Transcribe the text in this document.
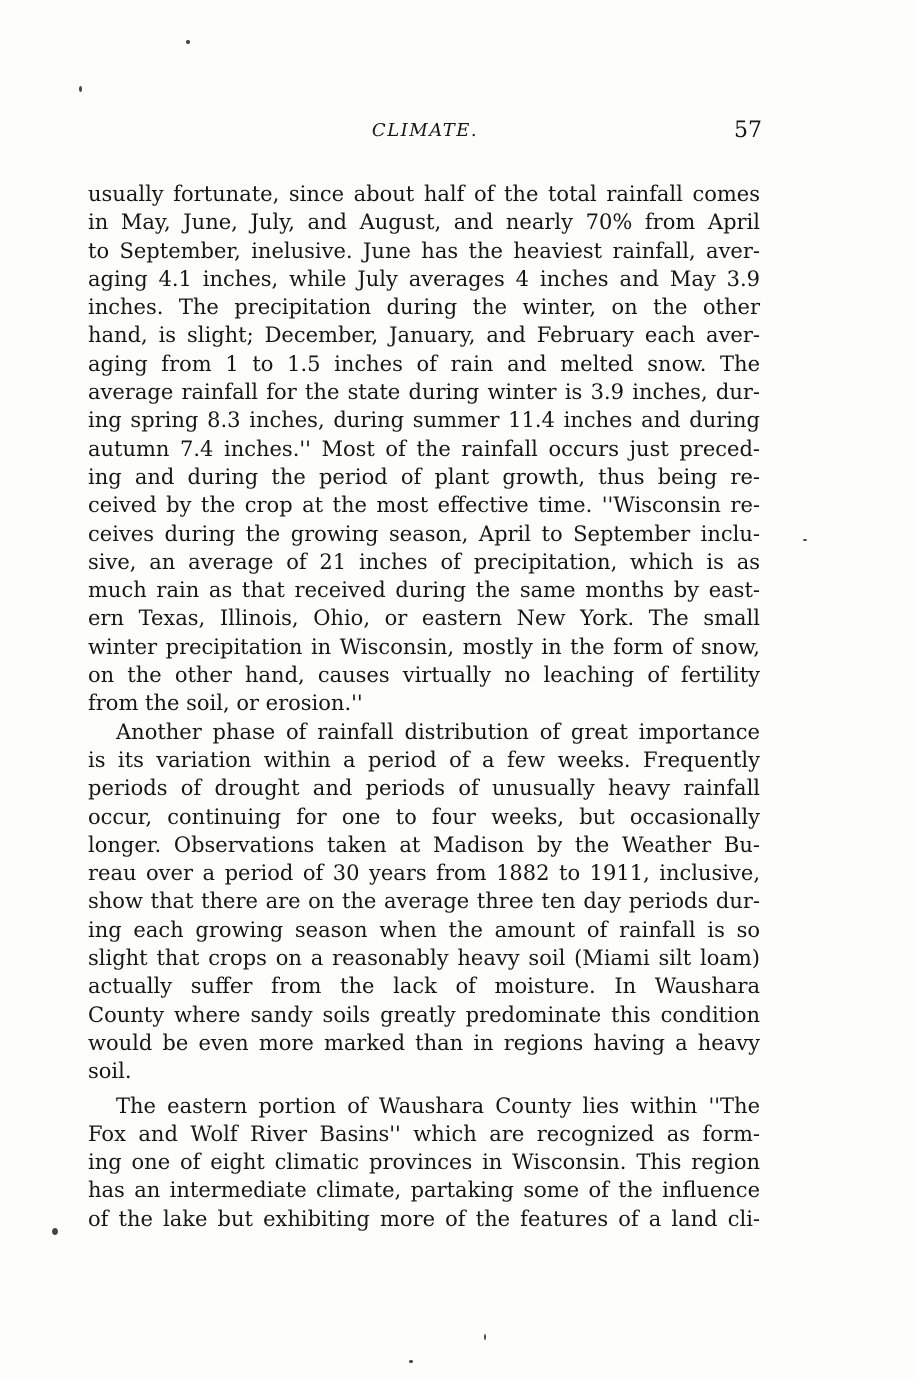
CLIMATE.	57
usually fortunate, since about half of the total rainfall comes
in May, June, July, and August, and nearly 70% from April
to September, inelusive. June has the heaviest rainfall, aver-
aging 4.1 inches, while July averages 4 inches and May 3.9
inches. The precipitation during the winter, on the other
hand, is slight; December, January, and February each aver-
aging from 1 to 1.5 inches of rain and melted snow. The
average rainfall for the state during winter is 3.9 inches, dur-
ing spring 8.3 inches, during summer 11.4 inches and during
autumn 7.4 inches.'' Most of the rainfall occurs just preced-
ing and during the period of plant growth, thus being re-
ceived by the crop at the most effective time. ''Wisconsin re-
ceives during the growing season, April to September inclu-
sive, an average of 21 inches of precipitation, which is as
much rain as that received during the same months by east-
ern Texas, Illinois, Ohio, or eastern New York. The small
winter precipitation in Wisconsin, mostly in the form of snow,
on the other hand, causes virtually no leaching of fertility
from the soil, or erosion.''
Another phase of rainfall distribution of great importance
is its variation within a period of a few weeks. Frequently
periods of drought and periods of unusually heavy rainfall
occur, continuing for one to four weeks, but occasionally
longer. Observations taken at Madison by the Weather Bu-
reau over a period of 30 years from 1882 to 1911, inclusive,
show that there are on the average three ten day periods dur-
ing each growing season when the amount of rainfall is so
slight that crops on a reasonably heavy soil (Miami silt loam)
actually suffer from the lack of moisture. In Waushara
County where sandy soils greatly predominate this condition
would be even more marked than in regions having a heavy
soil.
The eastern portion of Waushara County lies within ''The
Fox and Wolf River Basins'' which are recognized as form-
ing one of eight climatic provinces in Wisconsin. This region
has an intermediate climate, partaking some of the influence
of the lake but exhibiting more of the features of a land cli-
